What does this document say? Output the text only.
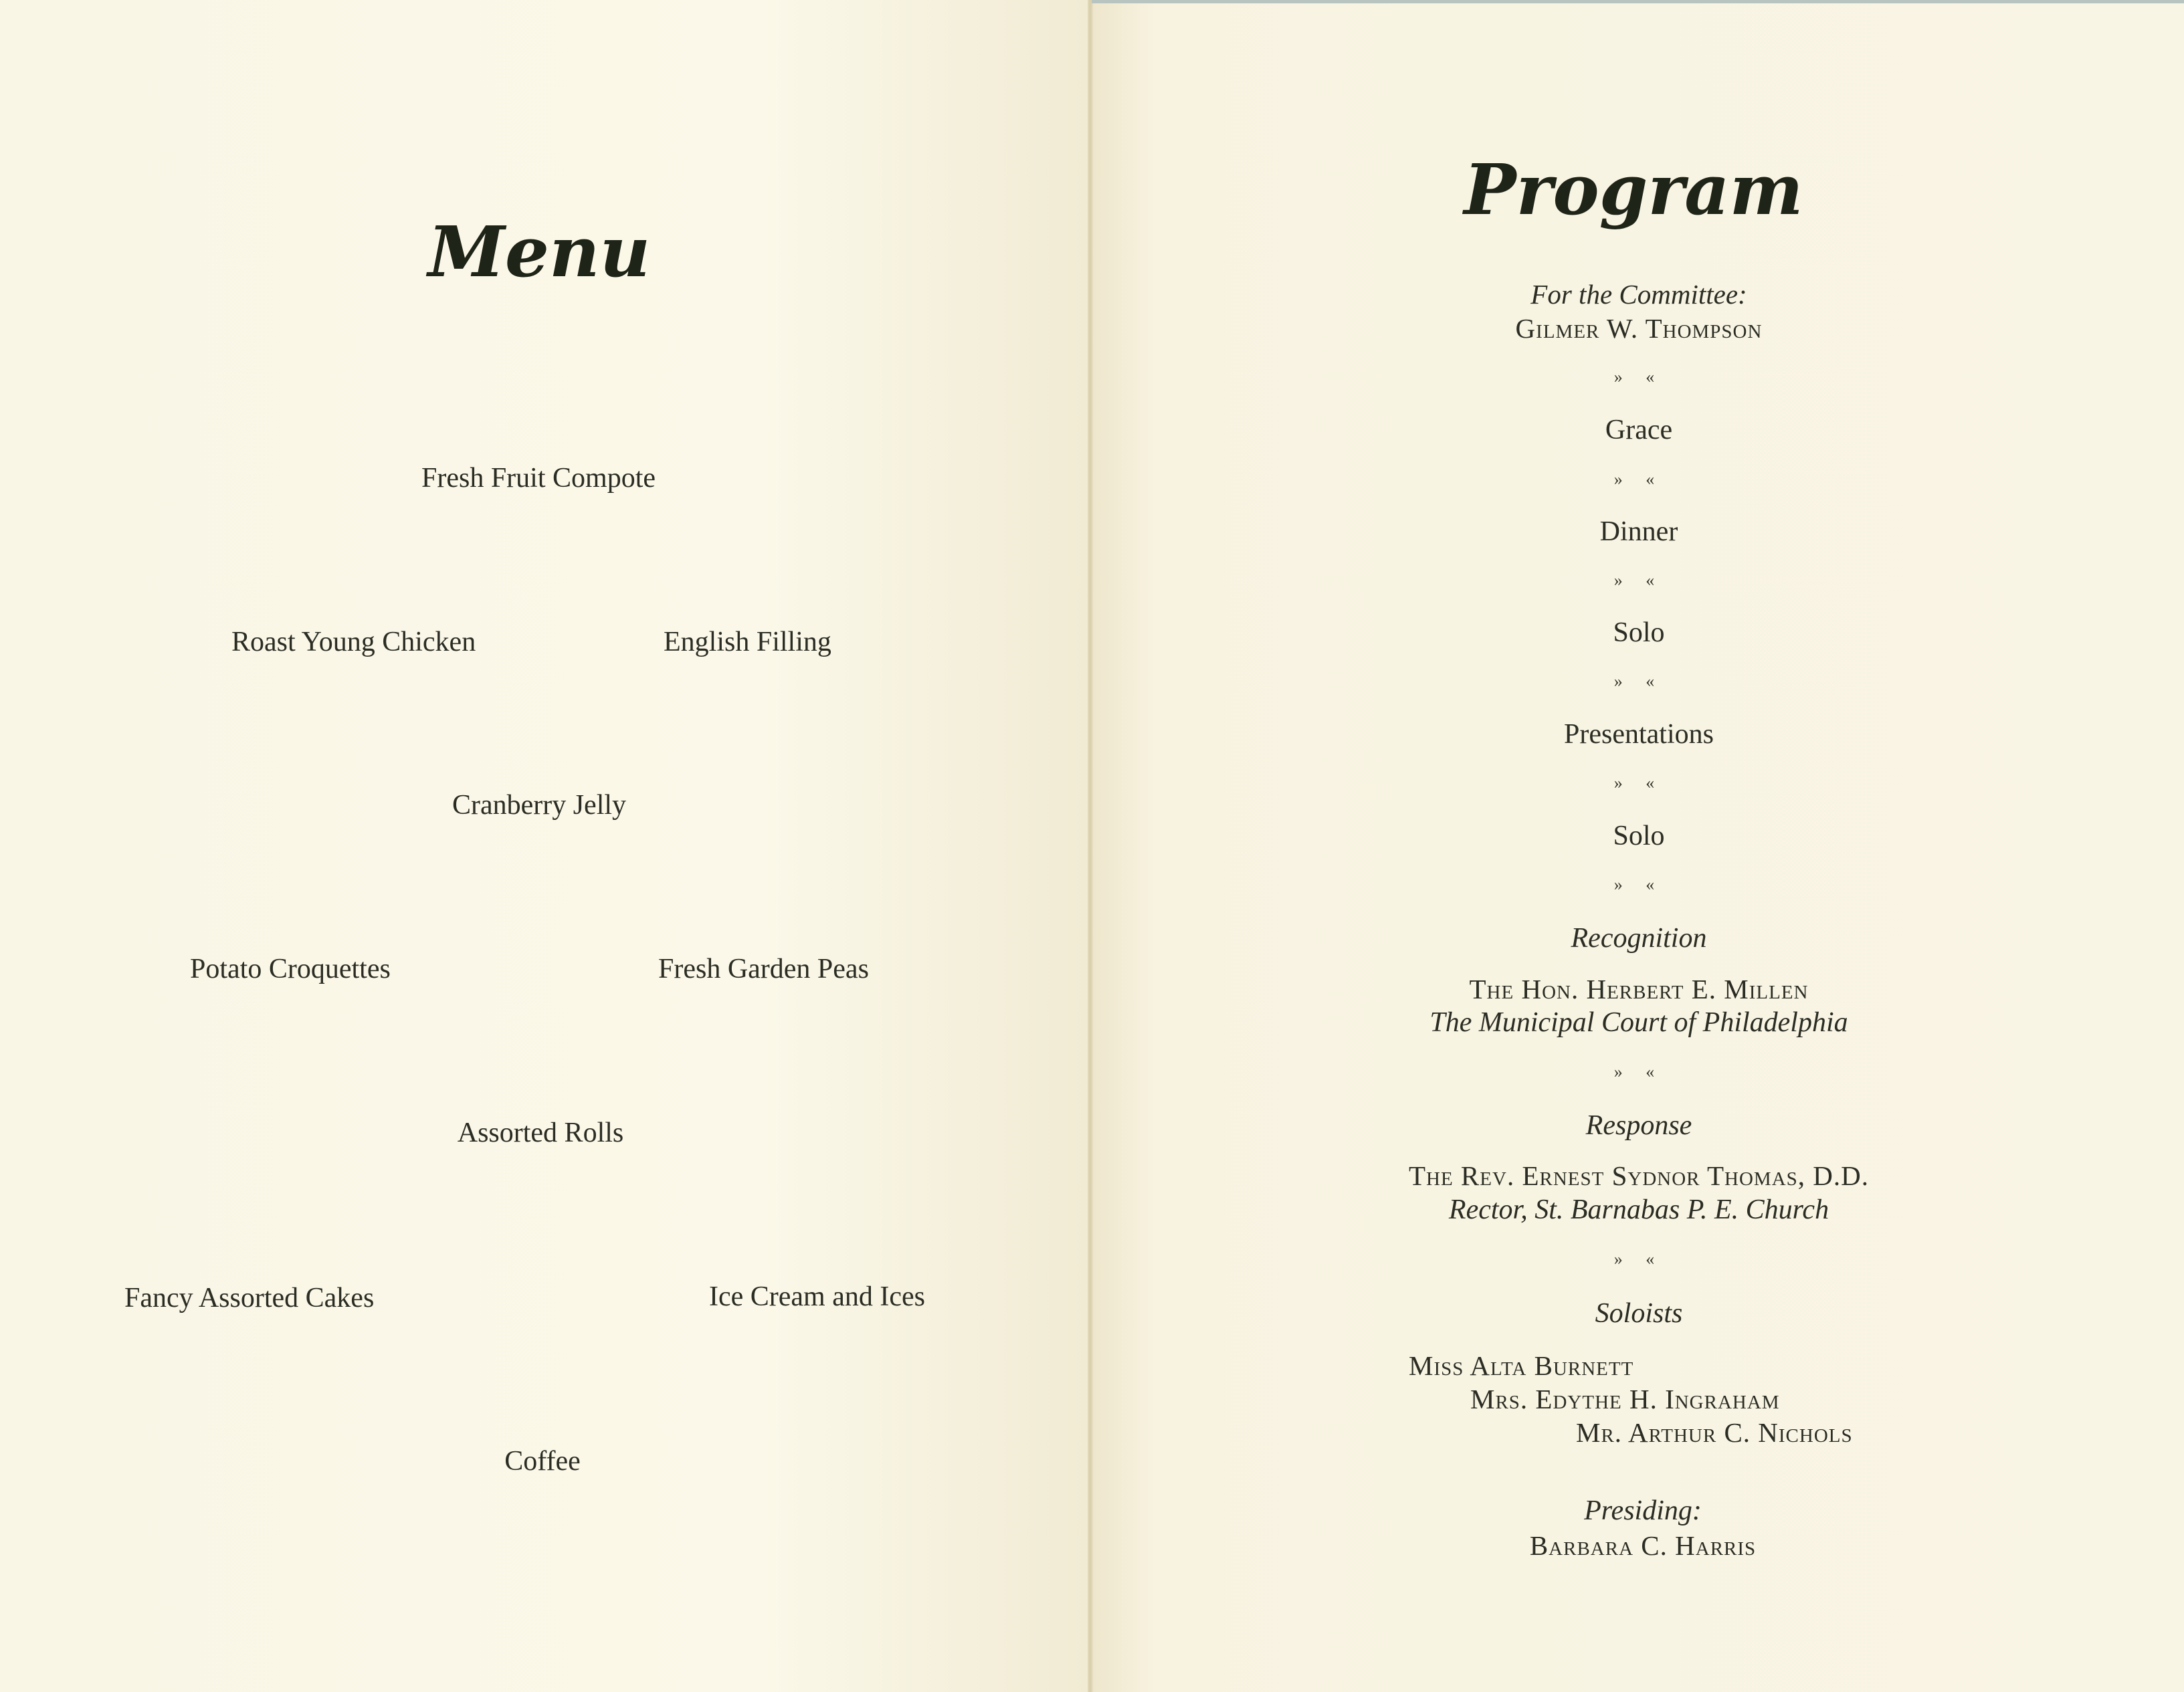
Menu
Fresh Fruit Compote
Roast Young Chicken	English Filling
Cranberry Jelly
Potato Croquettes	Fresh Garden Peas
Assorted Rolls
Fancy Assorted Cakes	Ice Cream and Ices
Coffee
Program
For the Committee:
Gilmer W. Thompson
» «
Grace
» «
Dinner
» «
Solo
» «
Presentations
» «
Solo
» «
Recognition
The Hon. Herbert E. Millen
The Municipal Court of Philadelphia
» «
Response
The Rev. Ernest Sydnor Thomas, D.D.
Rector, St. Barnabas P. E. Church
» «
Soloists
Miss Alta Burnett
Mrs. Edythe H. Ingraham
Mr. Arthur C. Nichols
Presiding:
Barbara C. Harris
